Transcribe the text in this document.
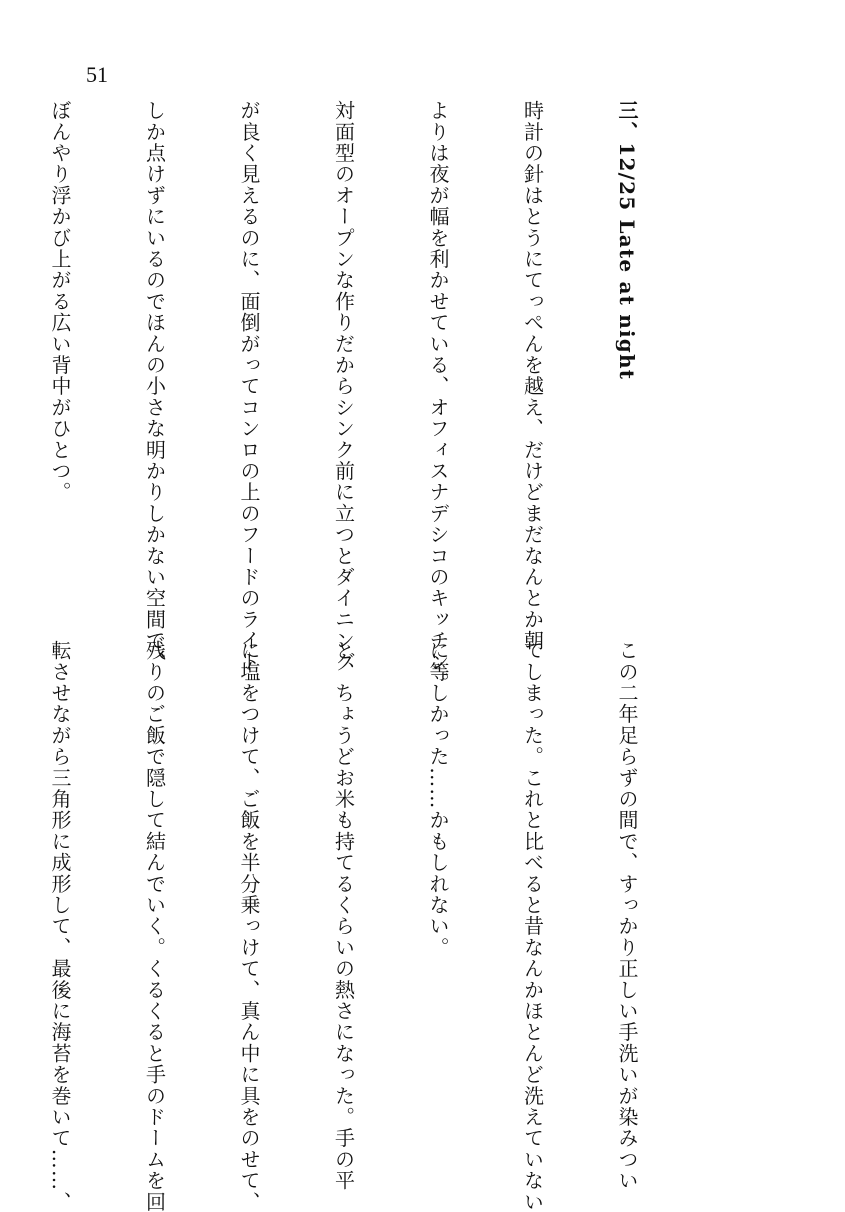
51

三、12/25 Late at night

時計の針はとうにてっぺんを越え、だけどまだなんとか朝

よりは夜が幅を利かせている、オフィスナデシコのキッチン。

対面型のオープンな作りだからシンク前に立つとダイニング

が良く見えるのに、面倒がってコンロの上のフードのライト

しか点けずにいるのでほんの小さな明かりしかない空間で、

ぼんやり浮かび上がる広い背中がひとつ。

この二年足らずの間で、すっかり正しい手洗いが染みつい

てしまった。これと比べると昔なんかほとんど洗えていない

に等しかった……かもしれない。

と、ちょうどお米も持てるくらいの熱さになった。手の平

に塩をつけて、ご飯を半分乗っけて、真ん中に具をのせて、

残りのご飯で隠して結んでいく。くるくると手のドームを回

転させながら三角形に成形して、最後に海苔を巻いて……、
